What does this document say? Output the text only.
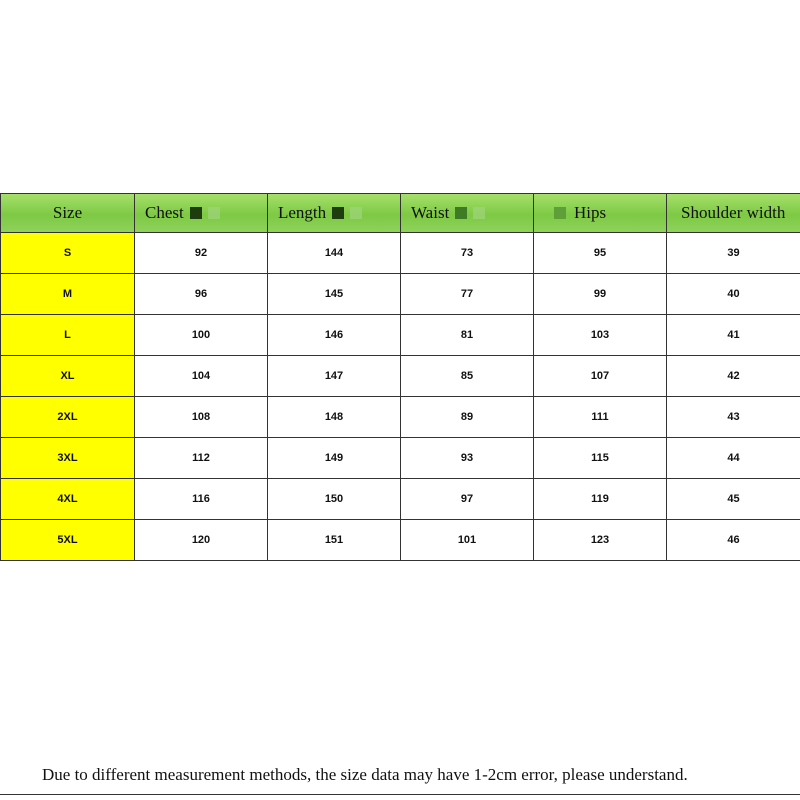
Size	Chest	Length	Waist	Hips	Shoulder width
S	92	144	73	95	39
M	96	145	77	99	40
L	100	146	81	103	41
XL	104	147	85	107	42
2XL	108	148	89	111	43
3XL	112	149	93	115	44
4XL	116	150	97	119	45
5XL	120	151	101	123	46
Due to different measurement methods, the size data may have 1-2cm error, please understand.
